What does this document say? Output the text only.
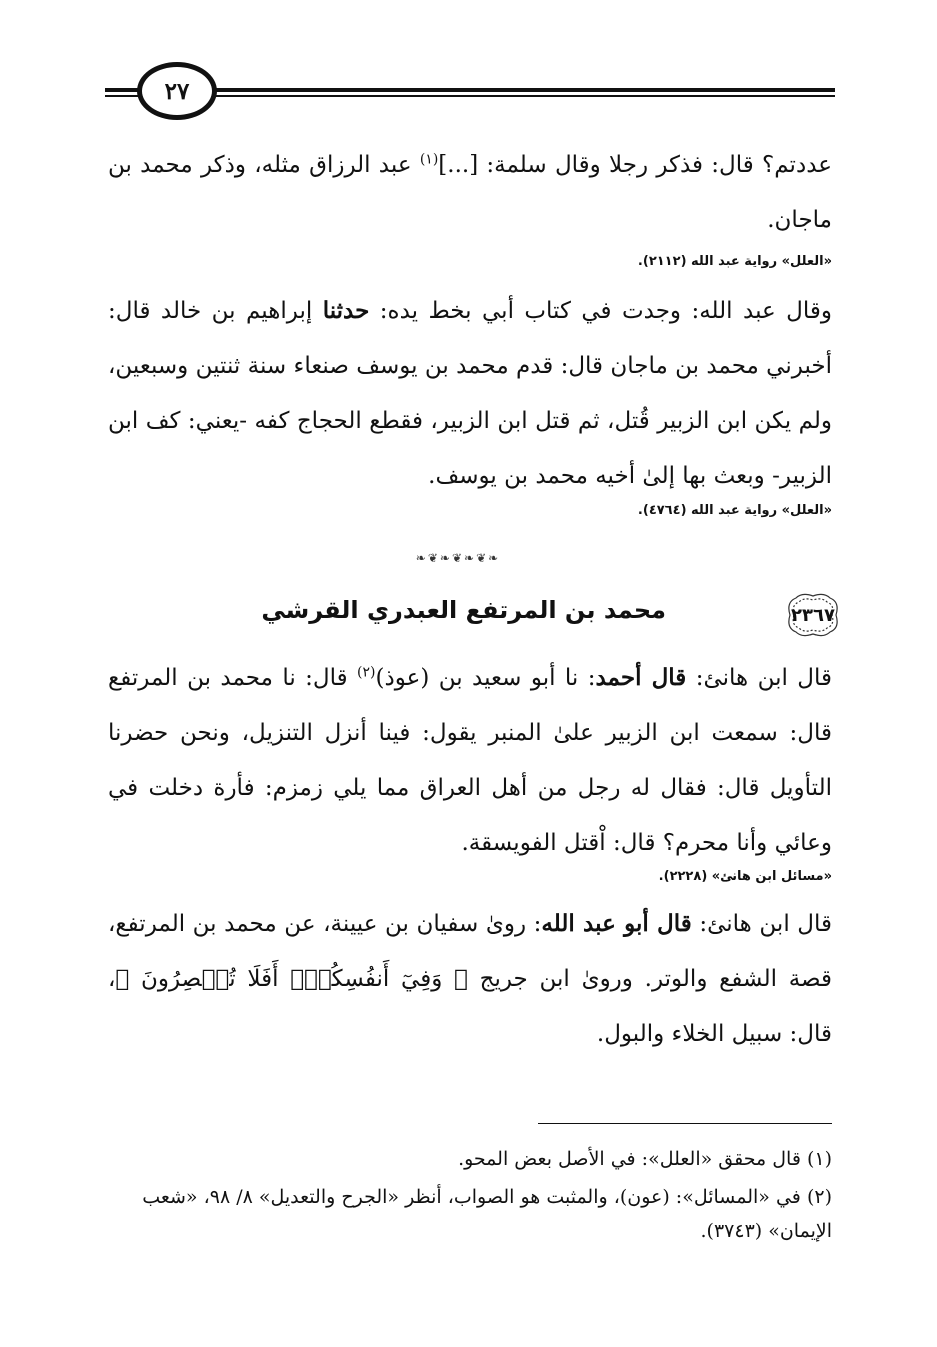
٢٧

عددتم؟ قال: فذكر رجلا وقال سلمة: [...]$^{(١)}$ عبد الرزاق مثله، وذكر محمد بن ماجان.

«العلل» رواية عبد الله (٢١١٢).

وقال عبد الله: وجدت في كتاب أبي بخط يده: حدثنا إبراهيم بن خالد قال: أخبرني محمد بن ماجان قال: قدم محمد بن يوسف صنعاء سنة ثنتين وسبعين، ولم يكن ابن الزبير قُتل، ثم قتل ابن الزبير، فقطع الحجاج كفه -يعني: كف ابن الزبير- وبعث بها إلىٰ أخيه محمد بن يوسف.

«العلل» رواية عبد الله (٤٧٦٤).

❧❦❧❦❧❦❧
٢٣٦٧
محمد بن المرتفع العبدري القرشي

قال ابن هانئ: قال أحمد: نا أبو سعيد بن (عوذ)$^{(٢)}$ قال: نا محمد بن المرتفع قال: سمعت ابن الزبير علىٰ المنبر يقول: فينا أنزل التنزيل، ونحن حضرنا التأويل قال: فقال له رجل من أهل العراق مما يلي زمزم: فأرة دخلت في وعائي وأنا محرم؟ قال: اْقتل الفويسقة.

«مسائل ابن هانئ» (٢٢٢٨).

قال ابن هانئ: قال أبو عبد الله: رویٰ سفيان بن عيينة، عن محمد بن المرتفع، قصة الشفع والوتر. ورویٰ ابن جريج ﴿ وَفِيٓ أَنفُسِكُمۡۚ أَفَلَا تُبۡصِرُونَ ﴾، قال: سبيل الخلاء والبول.

(١) قال محقق «العلل»: في الأصل بعض المحو.

(٢) في «المسائل»: (عون)، والمثبت هو الصواب، أنظر «الجرح والتعديل» ٨/ ٩٨، «شعب الإيمان» (٣٧٤٣).
